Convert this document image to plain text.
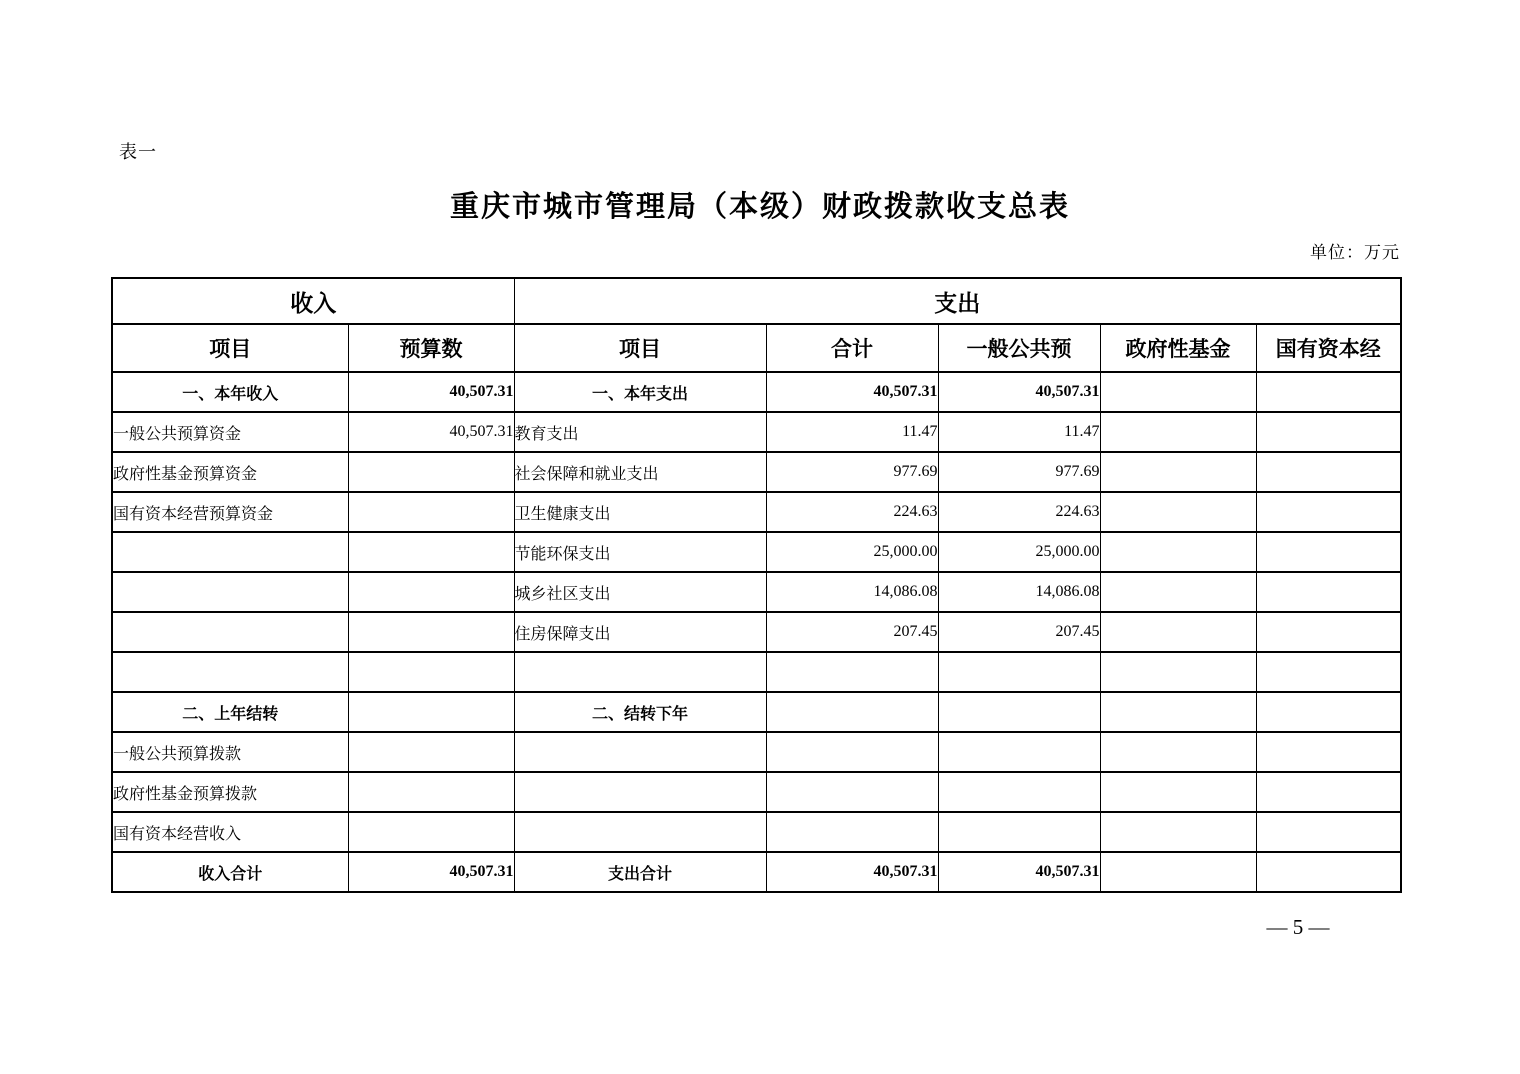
表一
重庆市城市管理局（本级）财政拨款收支总表
单位：万元
收入		支出				
项目	预算数	项目	合计	一般公共预	政府性基金	国有资本经
一、本年收入	40,507.31	一、本年支出	40,507.31	40,507.31		
一般公共预算资金	40,507.31	教育支出	11.47	11.47		
政府性基金预算资金		社会保障和就业支出	977.69	977.69		
国有资本经营预算资金		卫生健康支出	224.63	224.63		
		节能环保支出	25,000.00	25,000.00		
		城乡社区支出	14,086.08	14,086.08		
		住房保障支出	207.45	207.45		

二、上年结转		二、结转下年				
一般公共预算拨款						
政府性基金预算拨款						
国有资本经营收入						
收入合计	40,507.31	支出合计	40,507.31	40,507.31		
— 5 —
